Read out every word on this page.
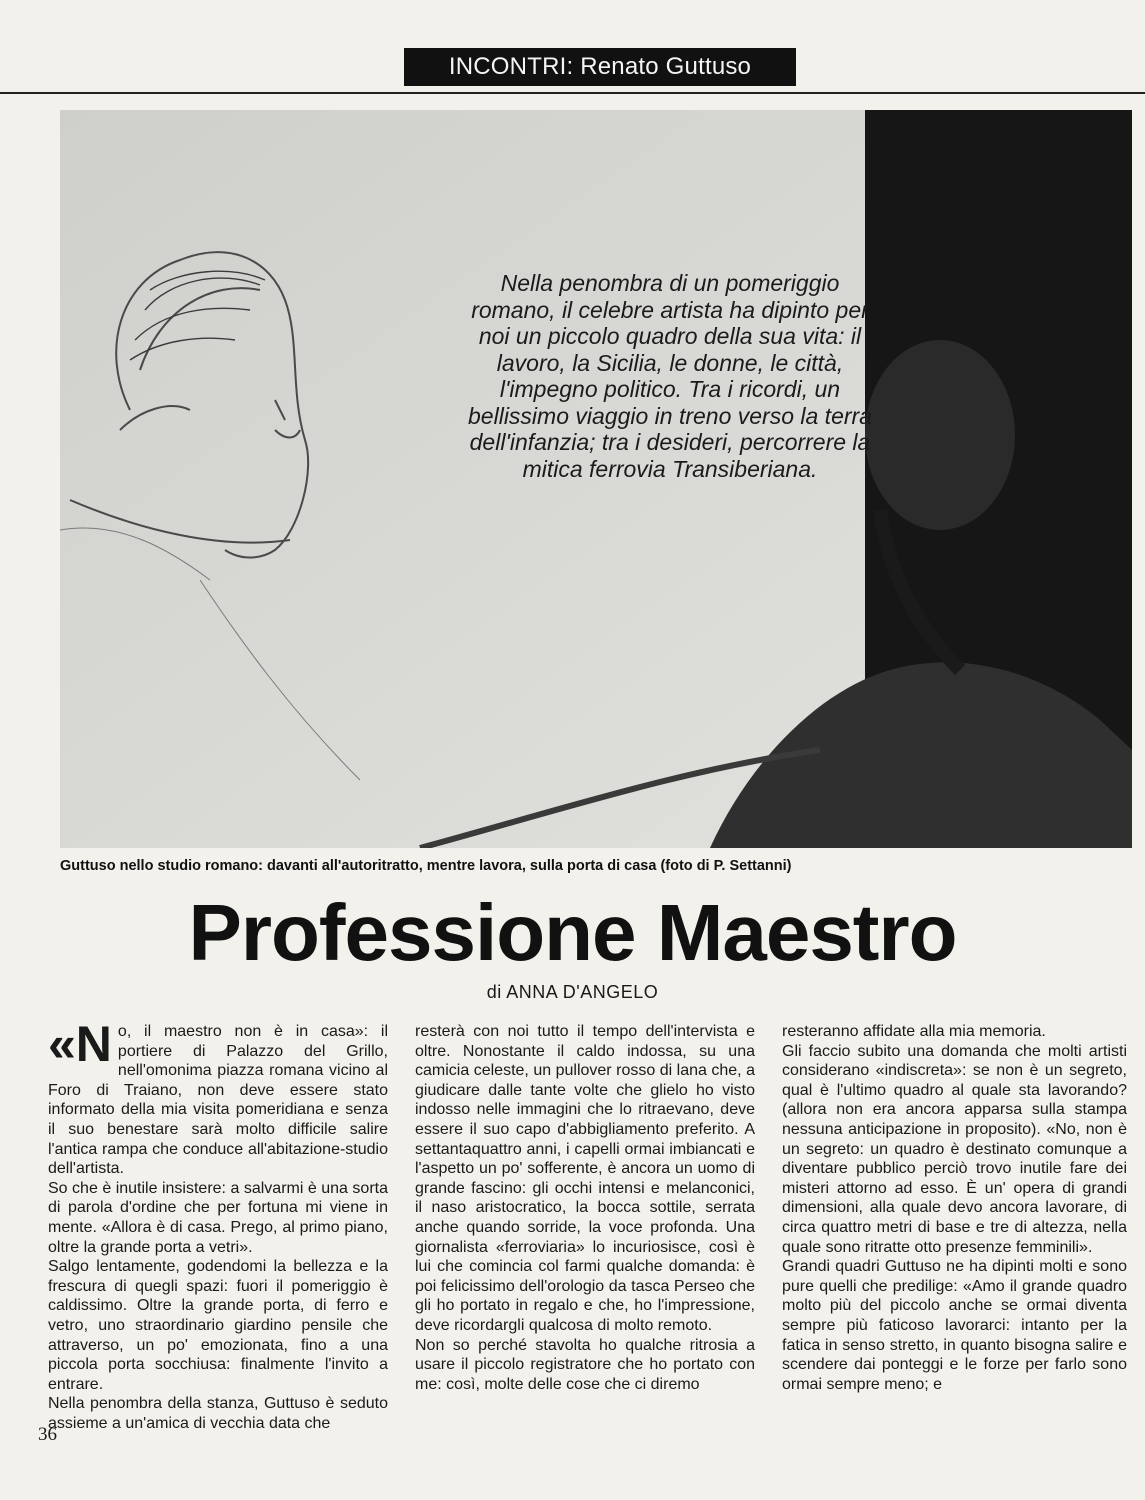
INCONTRI: Renato Guttuso
Nella penombra di un pomeriggio romano, il celebre artista ha dipinto per noi un piccolo quadro della sua vita: il lavoro, la Sicilia, le donne, le città, l'impegno politico. Tra i ricordi, un bellissimo viaggio in treno verso la terra dell'infanzia; tra i desideri, percorrere la mitica ferrovia Transiberiana.
Guttuso nello studio romano: davanti all'autoritratto, mentre lavora, sulla porta di casa (foto di P. Settanni)
Professione Maestro
di ANNA D'ANGELO
«N o, il maestro non è in casa»: il portiere di Palazzo del Grillo, nell'omonima piazza romana vicino al Foro di Traiano, non deve essere stato informato della mia visita pomeridiana e senza il suo benestare sarà molto difficile salire l'antica rampa che conduce all'abitazione-studio dell'artista.

So che è inutile insistere: a salvarmi è una sorta di parola d'ordine che per fortuna mi viene in mente. «Allora è di casa. Prego, al primo piano, oltre la grande porta a vetri».

Salgo lentamente, godendomi la bellezza e la frescura di quegli spazi: fuori il pomeriggio è caldissimo. Oltre la grande porta, di ferro e vetro, uno straordinario giardino pensile che attraverso, un po' emozionata, fino a una piccola porta socchiusa: finalmente l'invito a entrare.

Nella penombra della stanza, Guttuso è seduto assieme a un'amica di vecchia data che

resterà con noi tutto il tempo dell'intervista e oltre. Nonostante il caldo indossa, su una camicia celeste, un pullover rosso di lana che, a giudicare dalle tante volte che glielo ho visto indosso nelle immagini che lo ritraevano, deve essere il suo capo d'abbigliamento preferito. A settantaquattro anni, i capelli ormai imbiancati e l'aspetto un po' sofferente, è ancora un uomo di grande fascino: gli occhi intensi e melanconici, il naso aristocratico, la bocca sottile, serrata anche quando sorride, la voce profonda. Una giornalista «ferroviaria» lo incuriosisce, così è lui che comincia col farmi qualche domanda: è poi felicissimo dell'orologio da tasca Perseo che gli ho portato in regalo e che, ho l'impressione, deve ricordargli qualcosa di molto remoto.

Non so perché stavolta ho qualche ritrosia a usare il piccolo registratore che ho portato con me: così, molte delle cose che ci diremo

resteranno affidate alla mia memoria.

Gli faccio subito una domanda che molti artisti considerano «indiscreta»: se non è un segreto, qual è l'ultimo quadro al quale sta lavorando? (allora non era ancora apparsa sulla stampa nessuna anticipazione in proposito). «No, non è un segreto: un quadro è destinato comunque a diventare pubblico perciò trovo inutile fare dei misteri attorno ad esso. È un' opera di grandi dimensioni, alla quale devo ancora lavorare, di circa quattro metri di base e tre di altezza, nella quale sono ritratte otto presenze femminili».

Grandi quadri Guttuso ne ha dipinti molti e sono pure quelli che predilige: «Amo il grande quadro molto più del piccolo anche se ormai diventa sempre più faticoso lavorarci: intanto per la fatica in senso stretto, in quanto bisogna salire e scendere dai ponteggi e le forze per farlo sono ormai sempre meno; e

36
